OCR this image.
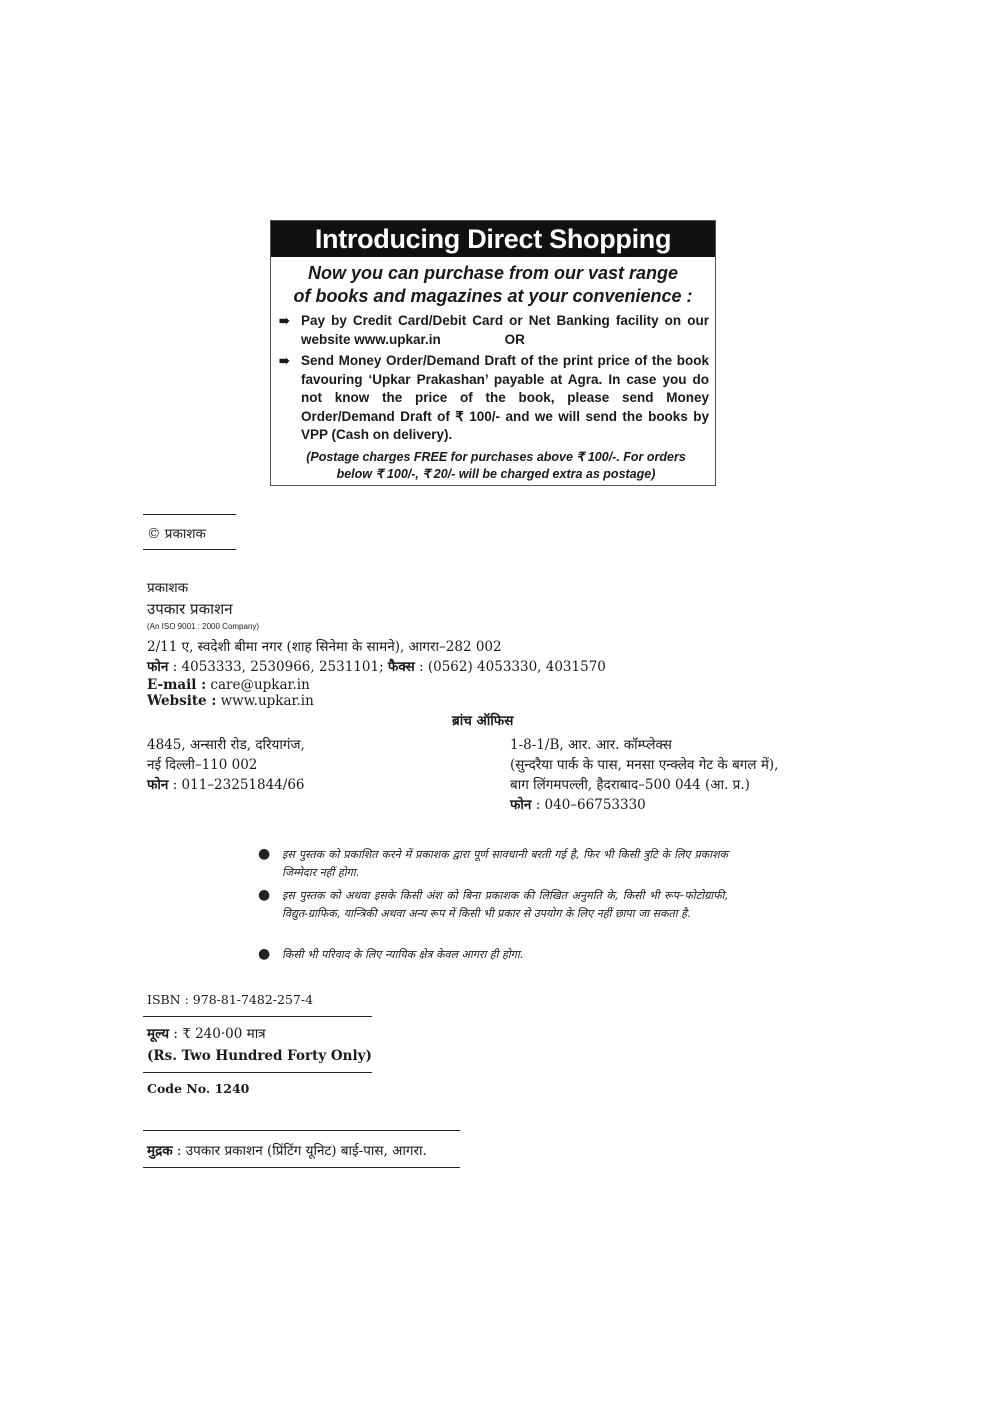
Introducing Direct Shopping
Now you can purchase from our vast range
of books and magazines at your convenience :
➠ Pay by Credit Card/Debit Card or Net Banking facility on our website www.upkar.in	OR
➠ Send Money Order/Demand Draft of the print price of the book favouring ‘Upkar Prakashan’ payable at Agra. In case you do not know the price of the book, please send Money Order/Demand Draft of ₹ 100/- and we will send the books by VPP (Cash on delivery).
(Postage charges FREE for purchases above ₹ 100/-. For orders below ₹ 100/-, ₹ 20/- will be charged extra as postage)
© प्रकाशक
प्रकाशक
उपकार प्रकाशन
(An ISO 9001 : 2000 Company)
2/11 ए, स्वदेशी बीमा नगर (शाह सिनेमा के सामने), आगरा–282 002
फोन : 4053333, 2530966, 2531101; फैक्स : (0562) 4053330, 4031570
E-mail : care@upkar.in
Website : www.upkar.in
ब्रांच ऑफिस
4845, अन्सारी रोड, दरियागंज,
नई दिल्ली–110 002
फोन : 011–23251844/66
1-8-1/B, आर. आर. कॉम्प्लेक्स
(सुन्दरैया पार्क के पास, मनसा एन्क्लेव गेट के बगल में),
बाग लिंगमपल्ली, हैदराबाद–500 044 (आ. प्र.)
फोन : 040–66753330
●	इस पुस्तक को प्रकाशित करने में प्रकाशक द्वारा पूर्ण सावधानी बरती गई है, फिर भी किसी त्रुटि के लिए प्रकाशक जिम्मेदार नहीं होगा.
●	इस पुस्तक को अथवा इसके किसी अंश को बिना प्रकाशक की लिखित अनुमति के, किसी भी रूप–फोटोग्राफी, विद्युत-ग्राफिक, यान्त्रिकी अथवा अन्य रूप में किसी भी प्रकार से उपयोग के लिए नहीं छापा जा सकता है.
●	किसी भी परिवाद के लिए न्यायिक क्षेत्र केवल आगरा ही होगा.
ISBN : 978-81-7482-257-4
मूल्य : ₹ 240·00 मात्र
(Rs. Two Hundred Forty Only)
Code No. 1240
मुद्रक : उपकार प्रकाशन (प्रिंटिंग यूनिट) बाई-पास, आगरा.
